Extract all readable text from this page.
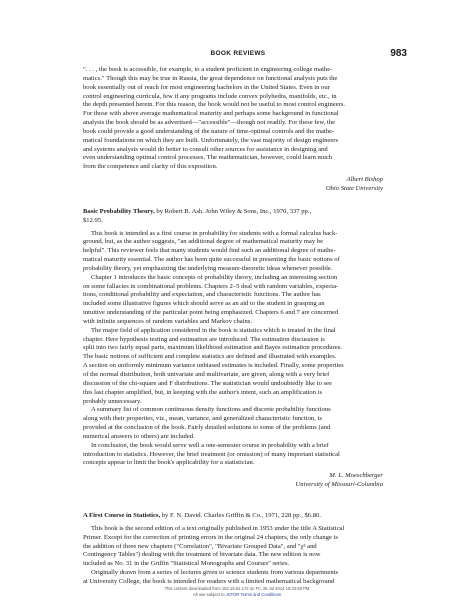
BOOK REVIEWS	983
". . . , the book is accessible, for example, to a student proficient in engineering college mathe-
matics." Though this may be true in Russia, the great dependence on functional analysis puts the
book essentially out of reach for most engineering bachelors in the United States. Even in our
control engineering curricula, few if any programs include convex polyhedra, manifolds, etc., in
the depth presented herein. For this reason, the book would not be useful to most control engineers.
For those with above average mathematical maturity and perhaps some background in functional
analysis the book should be as advertised—"accessible"—though not readily. For these few, the
book could provide a good understanding of the nature of time-optimal controls and the mathe-
matical foundations on which they are built. Unfortunately, the vast majority of design engineers
and systems analysts would do better to consult other sources for assistance in designing and
even understanding optimal control processes. The mathematician, however, could learn much
from the competence and clarity of this exposition.
Albert Bishop
Ohio State University
Basic Probability Theory, by Robert B. Ash. John Wiley & Sons, Inc., 1970, 337 pp.,
$12.95.
This book is intended as a first course in probability for students with a formal calculus back-
ground, but, as the author suggests, "an additional degree of mathematical maturity may be
helpful". This reviewer feels that many students would find such an additional degree of mathe-
matical maturity essential. The author has been quite successful in presenting the basic notions of
probability theory, yet emphasizing the underlying measure-theoretic ideas whenever possible.
Chapter 1 introduces the basic concepts of probability theory, including an interesting section
on some fallacies in combinational problems. Chapters 2–5 deal with random variables, expecta-
tions, conditional probability and expectation, and characteristic functions. The author has
included some illustrative figures which should serve as an aid to the student in grasping an
intuitive understanding of the particular point being emphasized. Chapters 6 and 7 are concerned
with infinite sequences of random variables and Markov chains.
The major field of application considered in the book is statistics which is treated in the final
chapter. Here hypothesis testing and estimation are introduced. The estimation discussion is
split into two fairly equal parts, maximum likelihood estimation and Bayes estimation procedures.
The basic notions of sufficient and complete statistics are defined and illustrated with examples.
A section on uniformly minimum variance unbiased estimates is included. Finally, some properties
of the normal distribution, both univariate and multivariate, are given, along with a very brief
discussion of the chi-square and F distributions. The statistician would undoubtedly like to see
this last chapter amplified, but, in keeping with the author's intent, such an amplification is
probably unnecessary.
A summary list of common continuous density functions and discrete probability functions
along with their properties, viz., mean, variance, and generalized characteristic function, is
provided at the conclusion of the book. Fairly detailed solutions to some of the problems (and
numerical answers to others) are included.
In conclusion, the book would serve well a one-semester course in probability with a brief
introduction to statistics. However, the brief treatment (or omission) of many important statistical
concepts appear to limit the book's applicability for a statistician.
M. L. Moeschberger
University of Missouri-Columbia
A First Course in Statistics, by F. N. David. Charles Griffin & Co., 1971, 228 pp., $6.80.
This book is the second edition of a text originally published in 1953 under the title A Statistical
Primer. Except for the correction of printing errors in the original 24 chapters, the only change is
the addition of three new chapters ("Correlation", "Bivariate Grouped Data", and "χ² and
Contingency Tables") dealing with the treatment of bivariate data. The new edition is now
included as No. 31 in the Griffin "Statistical Monographs and Courses" series.
Originally drawn from a series of lectures given to science students from various departments
at University College, the book is intended for readers with a limited mathematical background
This content downloaded from 152.16.51.172 on Fri, 25 Jul 2014 19:23:59 PM
All use subject to JSTOR Terms and Conditions
